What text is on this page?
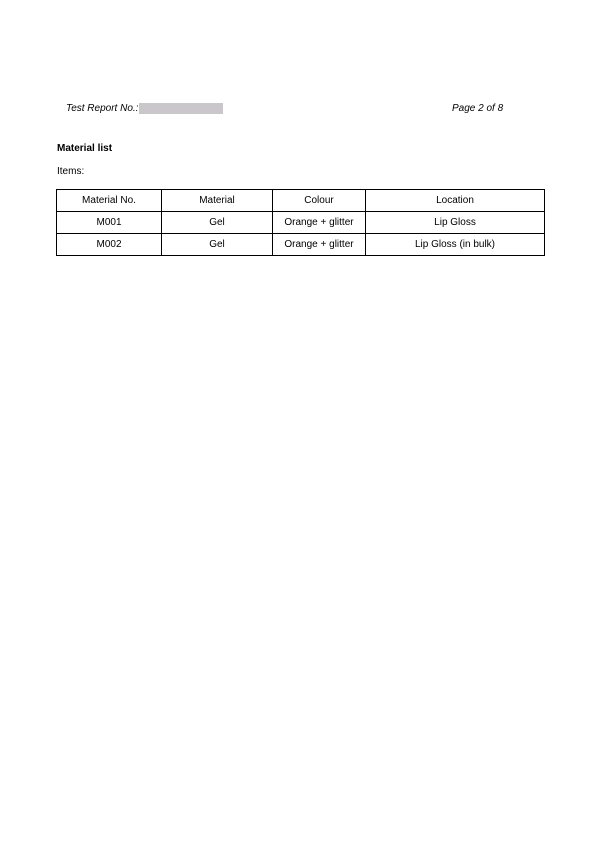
Test Report No.:	Page 2 of 8
Material list
Items:
Material No.	Material	Colour	Location
M001	Gel	Orange + glitter	Lip Gloss
M002	Gel	Orange + glitter	Lip Gloss (in bulk)
